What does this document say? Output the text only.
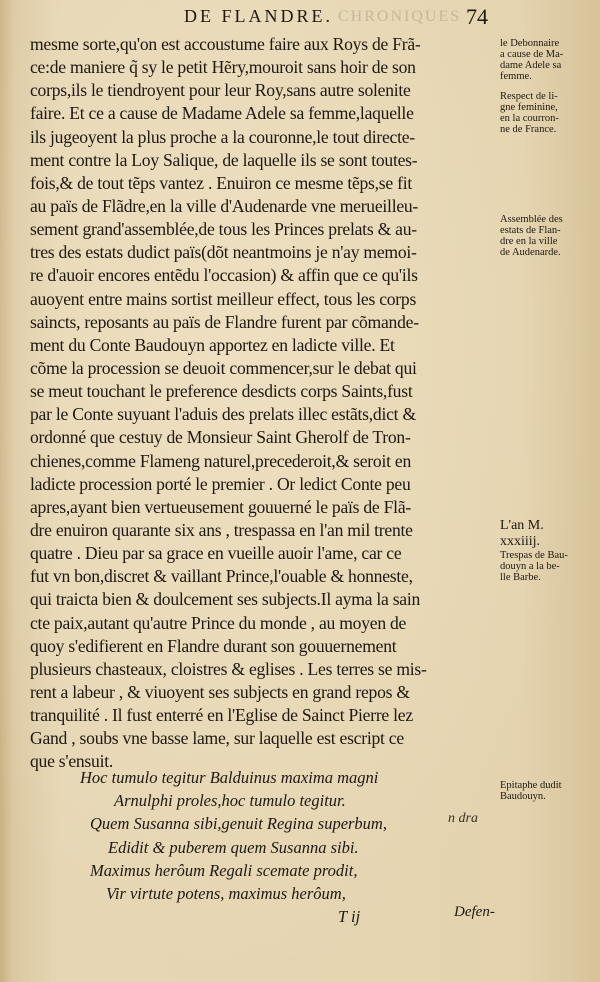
CHRONIQUES
DE FLANDRE.	74
mesme sorte,qu'on est accoustume faire aux Roys de Frã-
ce:de maniere q̃ sy le petit Hẽry,mouroit sans hoir de son
corps,ils le tiendroyent pour leur Roy,sans autre solenite
faire. Et ce a cause de Madame Adele sa femme,laquelle
ils jugeoyent la plus proche a la couronne,le tout directe-
ment contre la Loy Salique, de laquelle ils se sont toutes-
fois,& de tout tẽps vantez . Enuiron ce mesme tẽps,se fit
au païs de Flãdre,en la ville d'Audenarde vne merueilleu-
sement grand'assemblée,de tous les Princes prelats & au-
tres des estats dudict païs(dõt neantmoins je n'ay memoi-
re d'auoir encores entẽdu l'occasion) & affin que ce qu'ils
auoyent entre mains sortist meilleur effect, tous les corps
saincts, reposants au païs de Flandre furent par cõmande-
ment du Conte Baudouyn apportez en ladicte ville. Et
cõme la procession se deuoit commencer,sur le debat qui
se meut touchant le preference desdicts corps Saints,fust
par le Conte suyuant l'aduis des prelats illec estãts,dict &
ordonné que cestuy de Monsieur Saint Gherolf de Tron-
chienes,comme Flameng naturel,precederoit,& seroit en
ladicte procession porté le premier . Or ledict Conte peu
apres,ayant bien vertueusement gouuerné le païs de Flã-
dre enuiron quarante six ans , trespassa en l'an mil trente
quatre . Dieu par sa grace en vueille auoir l'ame, car ce
fut vn bon,discret & vaillant Prince,l'ouable & honneste,
qui traicta bien & doulcement ses subjects.Il ayma la sain
cte paix,autant qu'autre Prince du monde , au moyen de
quoy s'edifierent en Flandre durant son gouuernement
plusieurs chasteaux, cloistres & eglises . Les terres se mis-
rent a labeur , & viuoyent ses subjects en grand repos &
tranquilité . Il fust enterré en l'Eglise de Sainct Pierre lez
Gand , soubs vne basse lame, sur laquelle est escript ce
que s'ensuit.
Hoc tumulo tegitur Balduinus maxima magni
Arnulphi proles,hoc tumulo tegitur.
Quem Susanna sibi,genuit Regina superbum,
Edidit & puberem quem Susanna sibi.
Maximus herôum Regali scemate prodit,
Vir virtute potens, maximus herôum,
T ij
n dra
Defen-
le Debonnaire
a cause de Ma-
dame Adele sa
femme.
Respect de li-
gne feminine,
en la courron-
ne de France.
Assemblée des
estats de Flan-
dre en la ville
de Audenarde.
L'an M.
xxxiiij.
Trespas de Bau-
douyn a la be-
lle Barbe.
Epitaphe dudit
Baudouyn.
